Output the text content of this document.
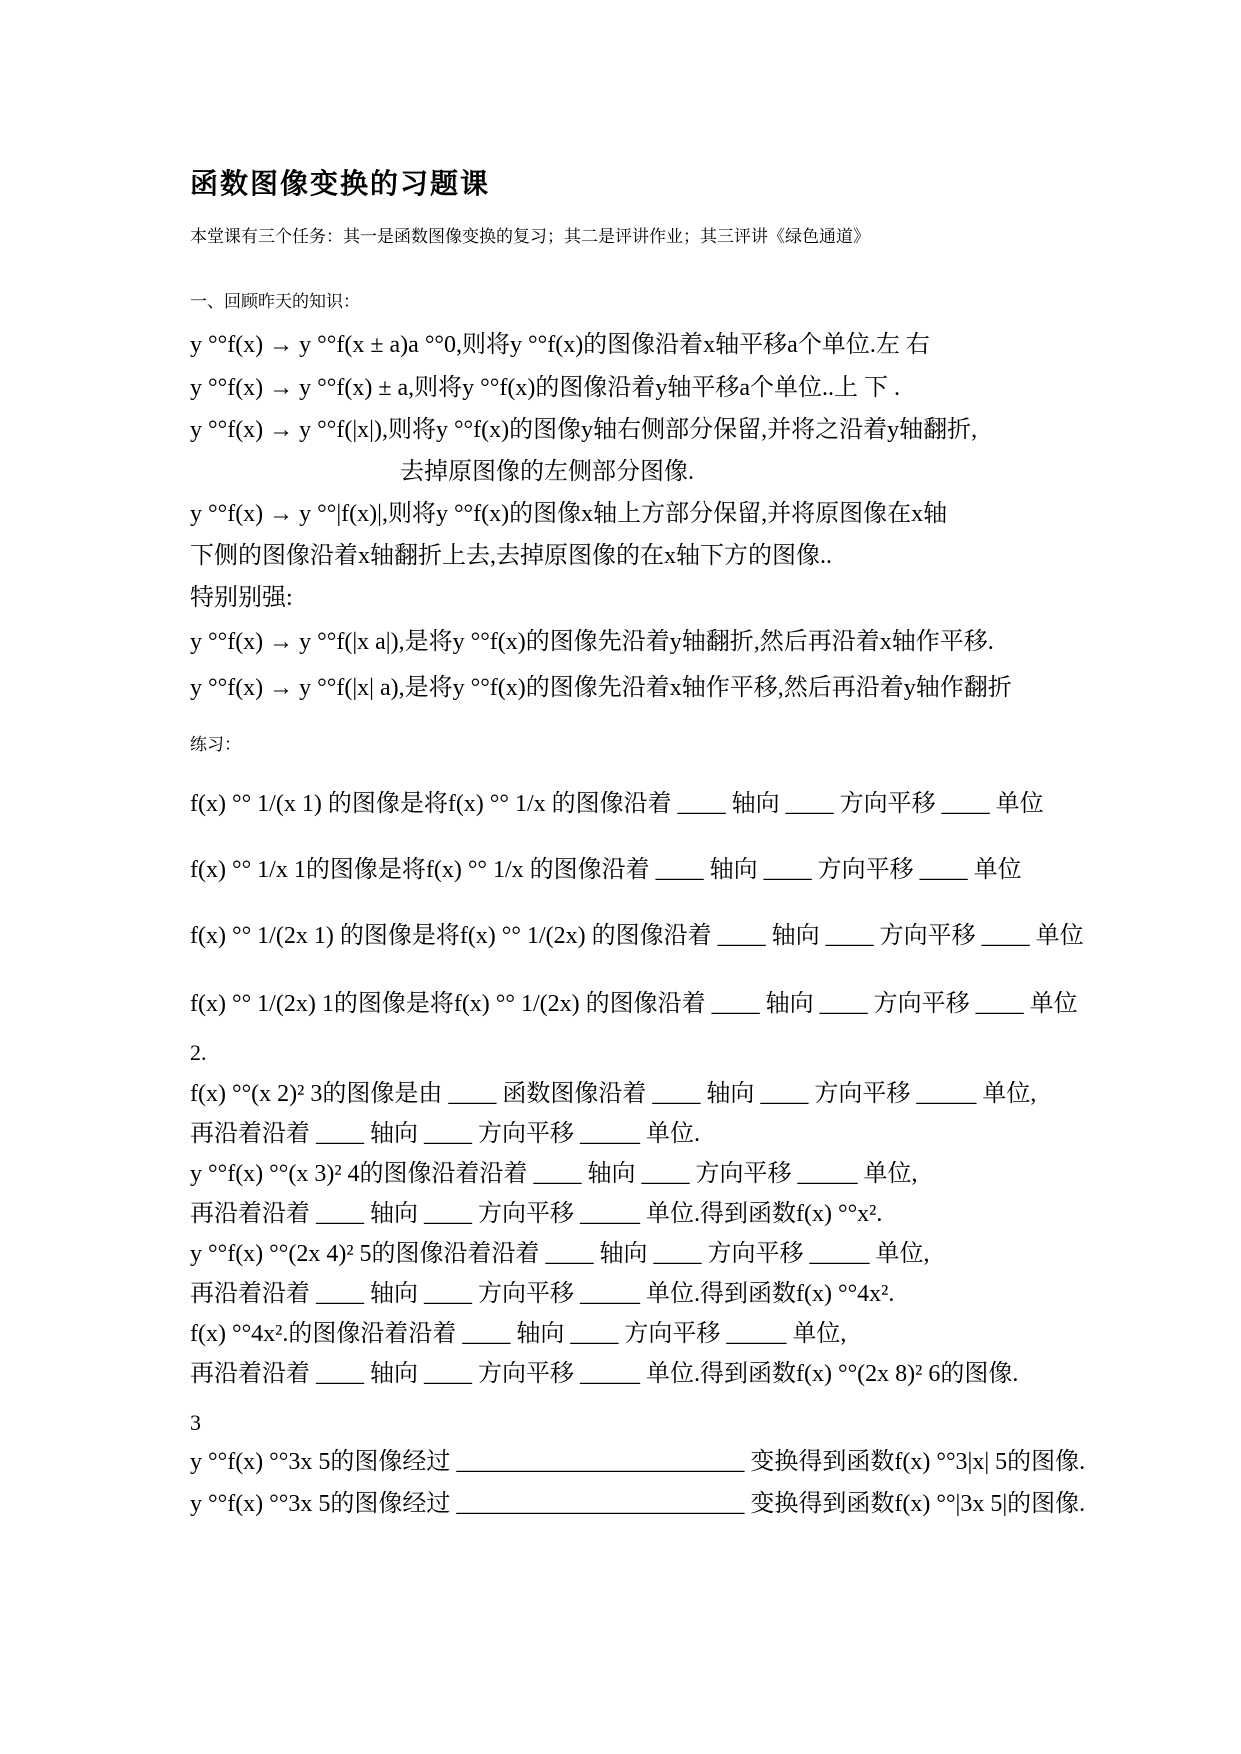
函数图像变换的习题课
本堂课有三个任务：其一是函数图像变换的复习；其二是评讲作业；其三评讲《绿色通道》
一、回顾昨天的知识：
y °°f(x) → y °°f(x ± a)a °°0,则将y °°f(x)的图像沿着x轴平移a个单位.左 右
y °°f(x) → y °°f(x) ± a,则将y °°f(x)的图像沿着y轴平移a个单位..上 下 .
y °°f(x) → y °°f(|x|),则将y °°f(x)的图像y轴右侧部分保留,并将之沿着y轴翻折,
去掉原图像的左侧部分图像.
y °°f(x) → y °°|f(x)|,则将y °°f(x)的图像x轴上方部分保留,并将原图像在x轴
下侧的图像沿着x轴翻折上去,去掉原图像的在x轴下方的图像..
特别别强:
y °°f(x) → y °°f(|x a|),是将y °°f(x)的图像先沿着y轴翻折,然后再沿着x轴作平移.
y °°f(x) → y °°f(|x| a),是将y °°f(x)的图像先沿着x轴作平移,然后再沿着y轴作翻折
练习：
f(x) °° 1/(x 1) 的图像是将f(x) °° 1/x 的图像沿着 ____ 轴向 ____ 方向平移 ____ 单位
f(x) °° 1/x 1的图像是将f(x) °° 1/x 的图像沿着 ____ 轴向 ____ 方向平移 ____ 单位
f(x) °° 1/(2x 1) 的图像是将f(x) °° 1/(2x) 的图像沿着 ____ 轴向 ____ 方向平移 ____ 单位
f(x) °° 1/(2x) 1的图像是将f(x) °° 1/(2x) 的图像沿着 ____ 轴向 ____ 方向平移 ____ 单位
2.
f(x) °°(x 2)² 3的图像是由 ____ 函数图像沿着 ____ 轴向 ____ 方向平移 _____ 单位,
再沿着沿着 ____ 轴向 ____ 方向平移 _____ 单位.
y °°f(x) °°(x 3)² 4的图像沿着沿着 ____ 轴向 ____ 方向平移 _____ 单位,
再沿着沿着 ____ 轴向 ____ 方向平移 _____ 单位.得到函数f(x) °°x².
y °°f(x) °°(2x 4)² 5的图像沿着沿着 ____ 轴向 ____ 方向平移 _____ 单位,
再沿着沿着 ____ 轴向 ____ 方向平移 _____ 单位.得到函数f(x) °°4x².
f(x) °°4x².的图像沿着沿着 ____ 轴向 ____ 方向平移 _____ 单位,
再沿着沿着 ____ 轴向 ____ 方向平移 _____ 单位.得到函数f(x) °°(2x 8)² 6的图像.
3
y °°f(x) °°3x 5的图像经过 ________________________ 变换得到函数f(x) °°3|x| 5的图像.
y °°f(x) °°3x 5的图像经过 ________________________ 变换得到函数f(x) °°|3x 5|的图像.
